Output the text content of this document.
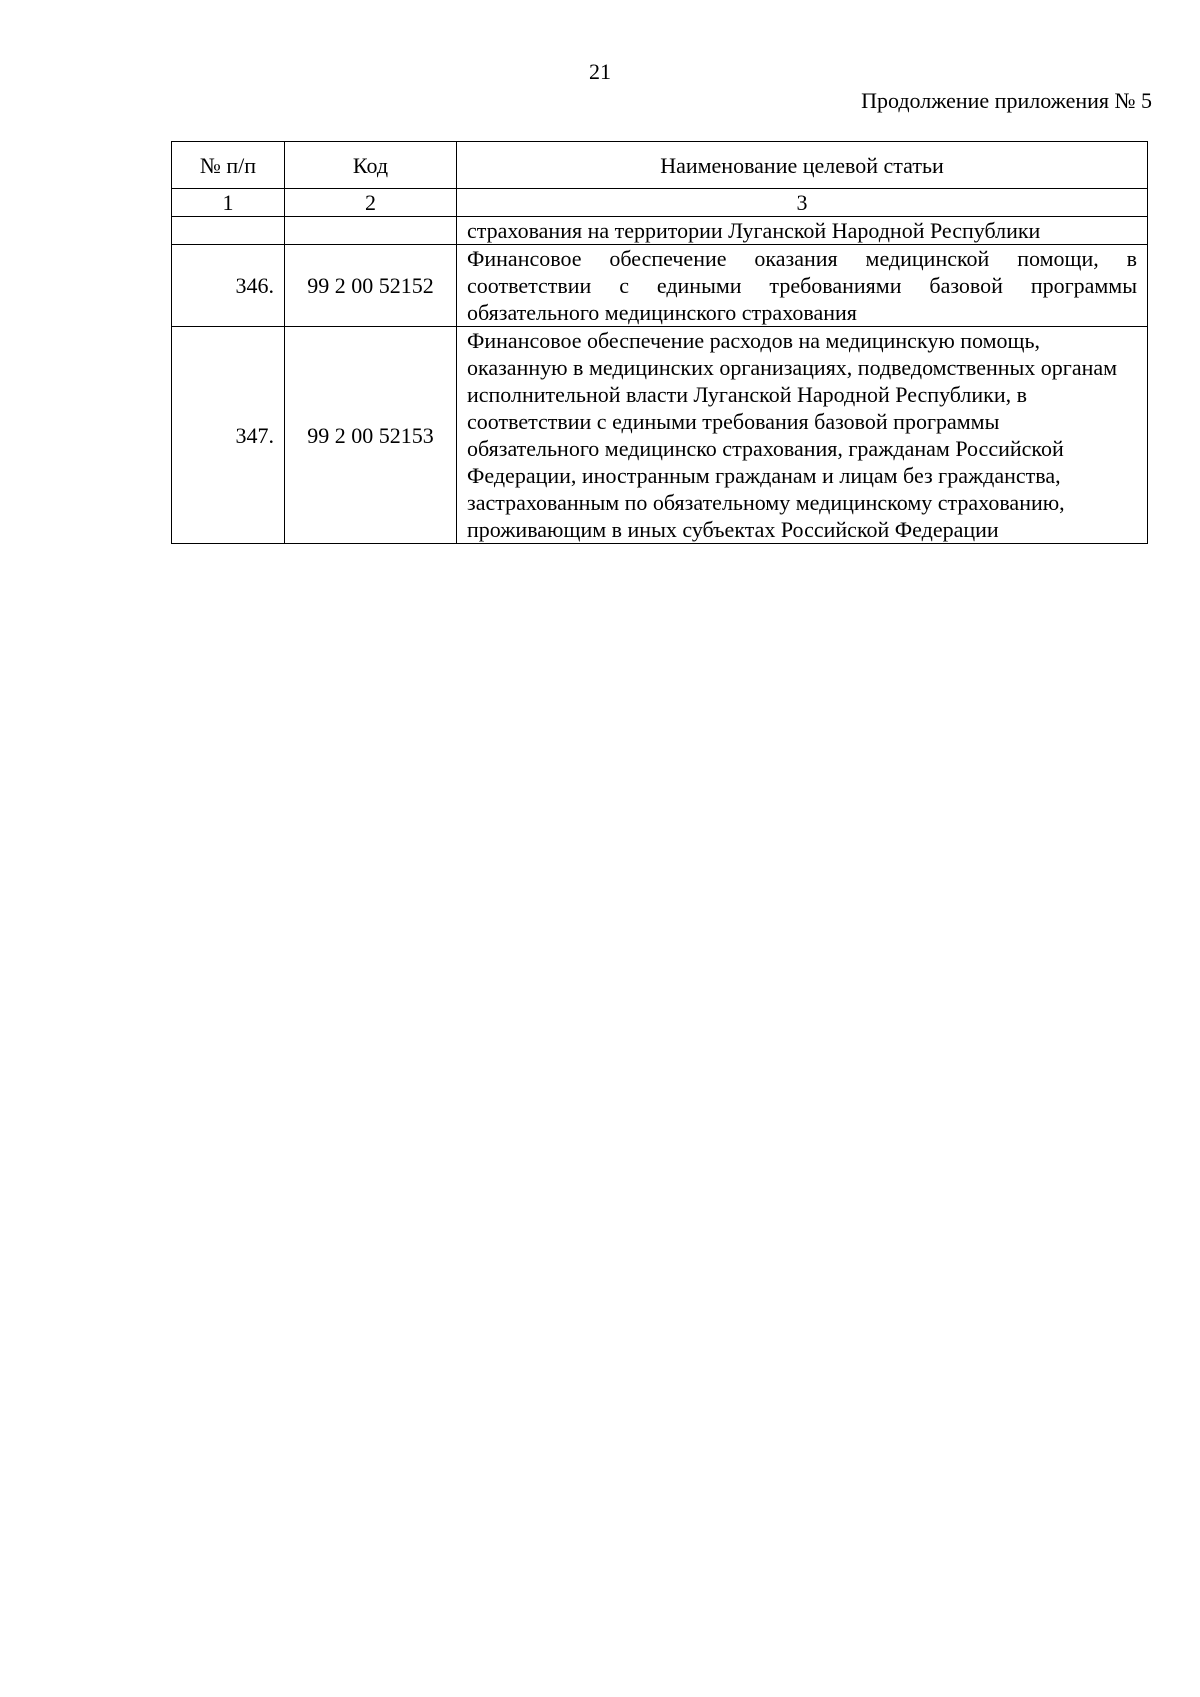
21
Продолжение приложения № 5
№ п/п	Код	Наименование целевой статьи
1	2	3
		страхования на территории Луганской Народной Республики
346.	99 2 00 52152	Финансовое обеспечение оказания медицинской помощи, в соответствии с едиными требованиями базовой программы обязательного медицинского страхования
347.	99 2 00 52153	Финансовое обеспечение расходов на медицинскую помощь, оказанную в медицинских организациях, подведомственных органам исполнительной власти Луганской Народной Республики, в соответствии с едиными требования базовой программы обязательного медицинско страхования, гражданам Российской Федерации, иностранным гражданам и лицам без гражданства, застрахованным по обязательному медицинскому страхованию, проживающим в иных субъектах Российской Федерации
